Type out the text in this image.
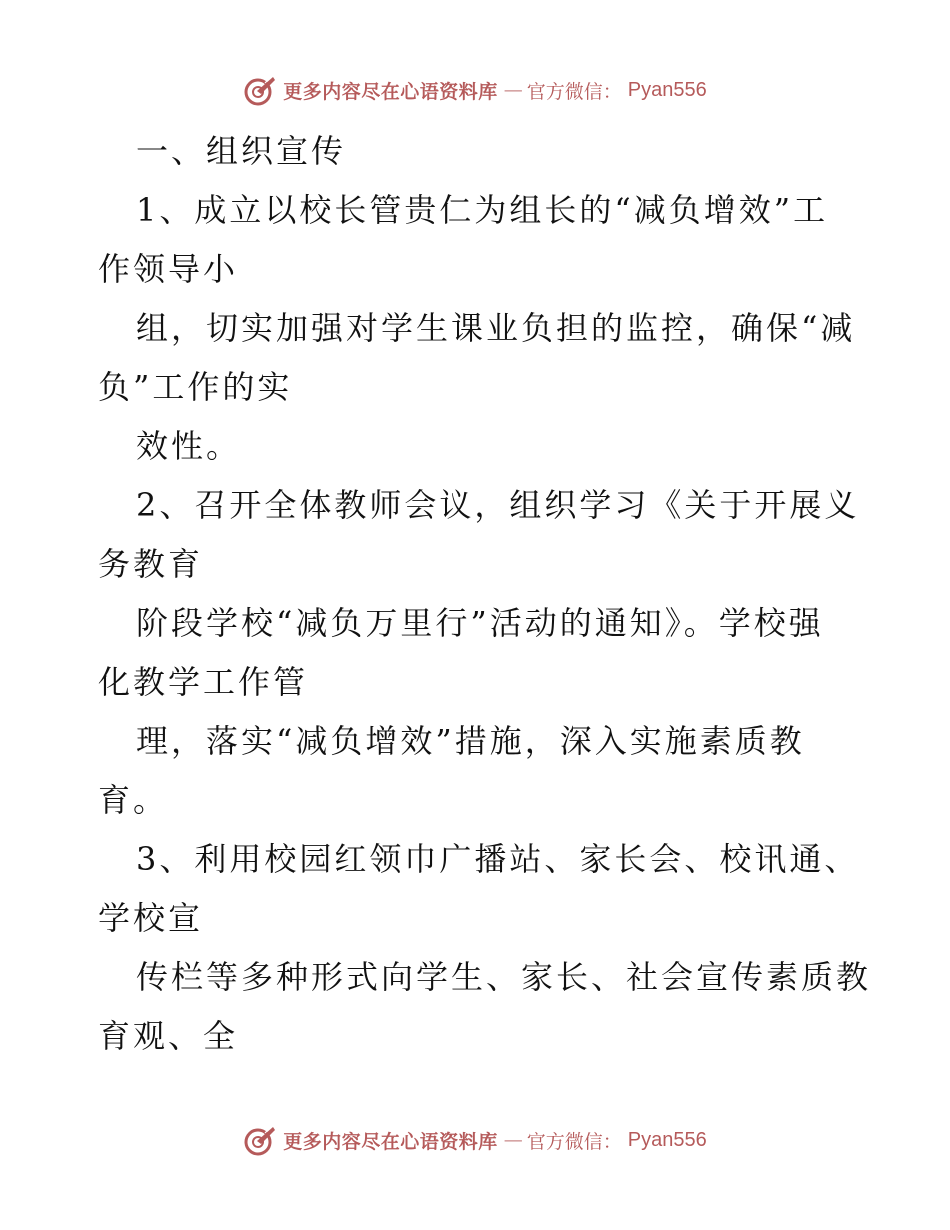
更多内容尽在心语资料库 — 官方微信： Pyan556
一、组织宣传
1、成立以校长管贵仁为组长的“减负增效”工
作领导小
组，切实加强对学生课业负担的监控，确保“减
负”工作的实
效性。
2、召开全体教师会议，组织学习《关于开展义
务教育
阶段学校“减负万里行”活动的通知》。学校强
化教学工作管
理，落实“减负增效”措施，深入实施素质教
育。
3、利用校园红领巾广播站、家长会、校讯通、
学校宣
传栏等多种形式向学生、家长、社会宣传素质教
育观、全
更多内容尽在心语资料库 — 官方微信： Pyan556
